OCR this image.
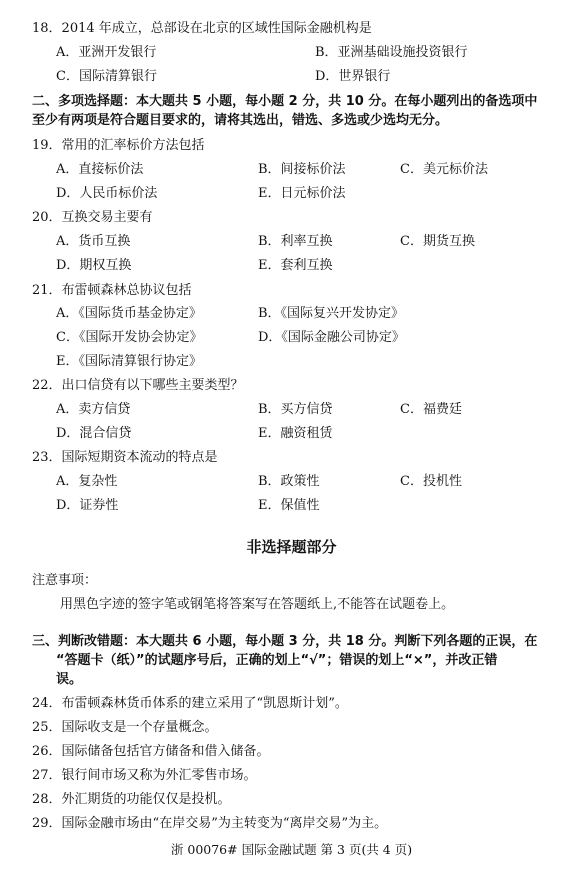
18．2014 年成立，总部设在北京的区域性国际金融机构是
A．亚洲开发银行	B．亚洲基础设施投资银行
C．国际清算银行	D．世界银行
二、多项选择题：本大题共 5 小题，每小题 2 分，共 10 分。在每小题列出的备选项中
至少有两项是符合题目要求的，请将其选出，错选、多选或少选均无分。
19．常用的汇率标价方法包括
A．直接标价法	B．间接标价法	C．美元标价法
D．人民币标价法	E．日元标价法
20．互换交易主要有
A．货币互换	B．利率互换	C．期货互换
D．期权互换	E．套利互换
21．布雷顿森林总协议包括
A．《国际货币基金协定》	B．《国际复兴开发协定》
C．《国际开发协会协定》	D．《国际金融公司协定》
E．《国际清算银行协定》
22．出口信贷有以下哪些主要类型？
A．卖方信贷	B．买方信贷	C．福费廷
D．混合信贷	E．融资租赁
23．国际短期资本流动的特点是
A．复杂性	B．政策性	C．投机性
D．证券性	E．保值性
非选择题部分
注意事项：
用黑色字迹的签字笔或钢笔将答案写在答题纸上,不能答在试题卷上。
三、判断改错题：本大题共 6 小题，每小题 3 分，共 18 分。判断下列各题的正误，在
“答题卡（纸）”的试题序号后，正确的划上“√”；错误的划上“×”，并改正错
误。
24．布雷顿森林货币体系的建立采用了“凯恩斯计划”。
25．国际收支是一个存量概念。
26．国际储备包括官方储备和借入储备。
27．银行间市场又称为外汇零售市场。
28．外汇期货的功能仅仅是投机。
29．国际金融市场由“在岸交易”为主转变为“离岸交易”为主。
浙 00076# 国际金融试题 第 3 页(共 4 页)
